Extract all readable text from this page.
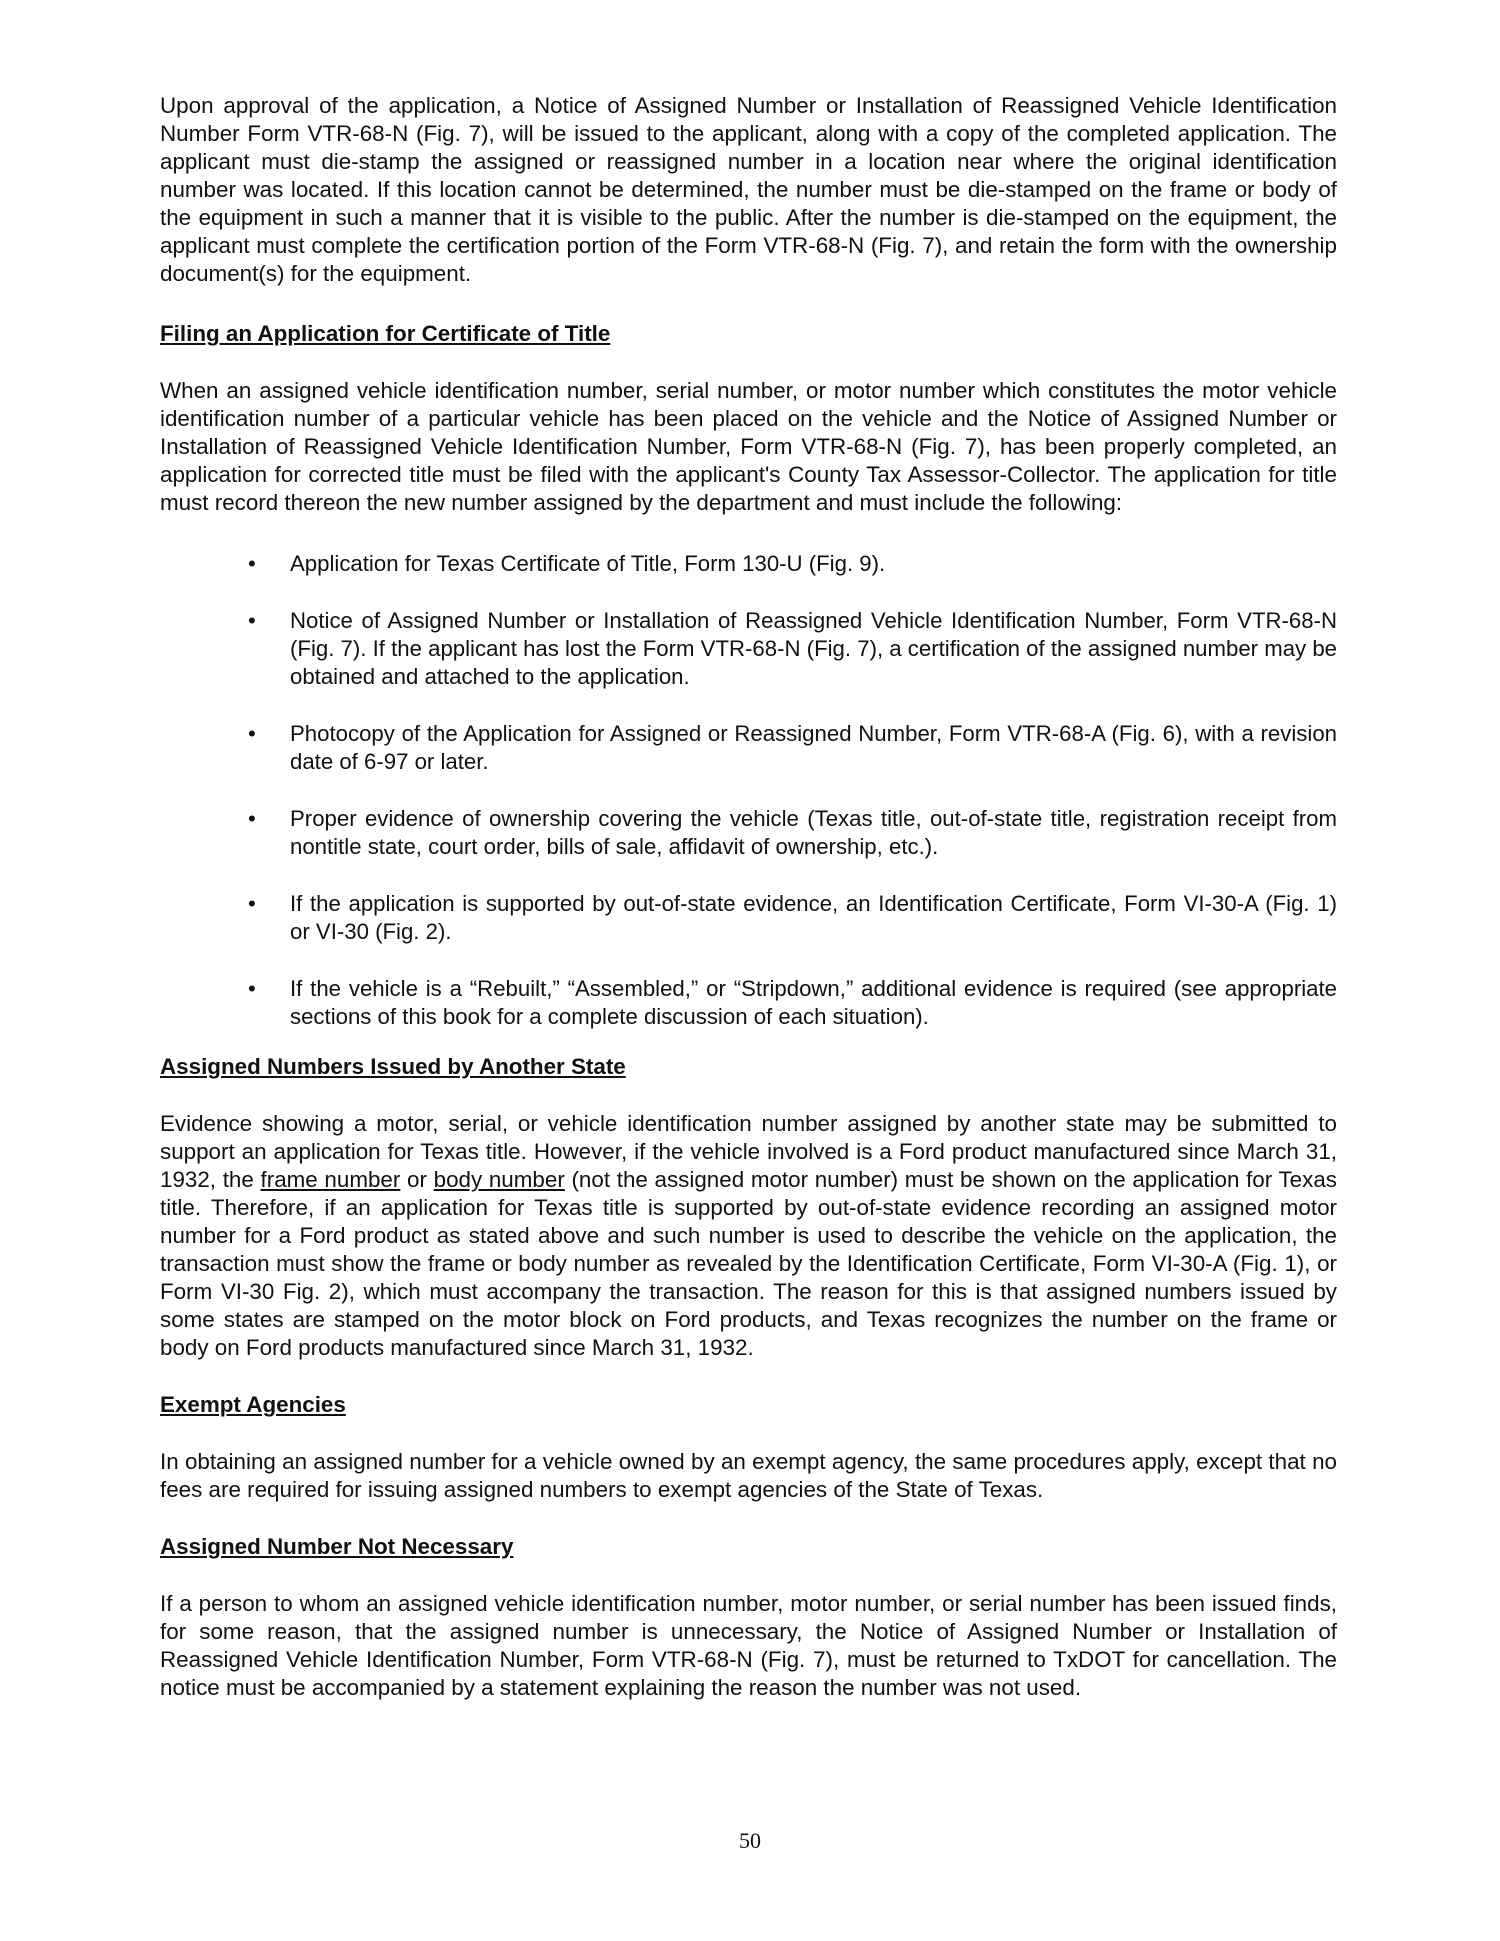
Upon approval of the application, a Notice of Assigned Number or Installation of Reassigned Vehicle Identification Number Form VTR-68-N (Fig. 7), will be issued to the applicant, along with a copy of the completed application. The applicant must die-stamp the assigned or reassigned number in a location near where the original identification number was located. If this location cannot be determined, the number must be die-stamped on the frame or body of the equipment in such a manner that it is visible to the public. After the number is die-stamped on the equipment, the applicant must complete the certification portion of the Form VTR-68-N (Fig. 7), and retain the form with the ownership document(s) for the equipment.

Filing an Application for Certificate of Title

When an assigned vehicle identification number, serial number, or motor number which constitutes the motor vehicle identification number of a particular vehicle has been placed on the vehicle and the Notice of Assigned Number or Installation of Reassigned Vehicle Identification Number, Form VTR-68-N (Fig. 7), has been properly completed, an application for corrected title must be filed with the applicant's County Tax Assessor-Collector. The application for title must record thereon the new number assigned by the department and must include the following:

• Application for Texas Certificate of Title, Form 130-U (Fig. 9).
• Notice of Assigned Number or Installation of Reassigned Vehicle Identification Number, Form VTR-68-N (Fig. 7). If the applicant has lost the Form VTR-68-N (Fig. 7), a certification of the assigned number may be obtained and attached to the application.
• Photocopy of the Application for Assigned or Reassigned Number, Form VTR-68-A (Fig. 6), with a revision date of 6-97 or later.
• Proper evidence of ownership covering the vehicle (Texas title, out-of-state title, registration receipt from nontitle state, court order, bills of sale, affidavit of ownership, etc.).
• If the application is supported by out-of-state evidence, an Identification Certificate, Form VI-30-A (Fig. 1) or VI-30 (Fig. 2).
• If the vehicle is a “Rebuilt,” “Assembled,” or “Stripdown,” additional evidence is required (see appropriate sections of this book for a complete discussion of each situation).
Assigned Numbers Issued by Another State

Evidence showing a motor, serial, or vehicle identification number assigned by another state may be submitted to support an application for Texas title. However, if the vehicle involved is a Ford product manufactured since March 31, 1932, the frame number or body number (not the assigned motor number) must be shown on the application for Texas title. Therefore, if an application for Texas title is supported by out-of-state evidence recording an assigned motor number for a Ford product as stated above and such number is used to describe the vehicle on the application, the transaction must show the frame or body number as revealed by the Identification Certificate, Form VI-30-A (Fig. 1), or Form VI-30 Fig. 2), which must accompany the transaction. The reason for this is that assigned numbers issued by some states are stamped on the motor block on Ford products, and Texas recognizes the number on the frame or body on Ford products manufactured since March 31, 1932.

Exempt Agencies

In obtaining an assigned number for a vehicle owned by an exempt agency, the same procedures apply, except that no fees are required for issuing assigned numbers to exempt agencies of the State of Texas.

Assigned Number Not Necessary

If a person to whom an assigned vehicle identification number, motor number, or serial number has been issued finds, for some reason, that the assigned number is unnecessary, the Notice of Assigned Number or Installation of Reassigned Vehicle Identification Number, Form VTR-68-N (Fig. 7), must be returned to TxDOT for cancellation. The notice must be accompanied by a statement explaining the reason the number was not used.

50
